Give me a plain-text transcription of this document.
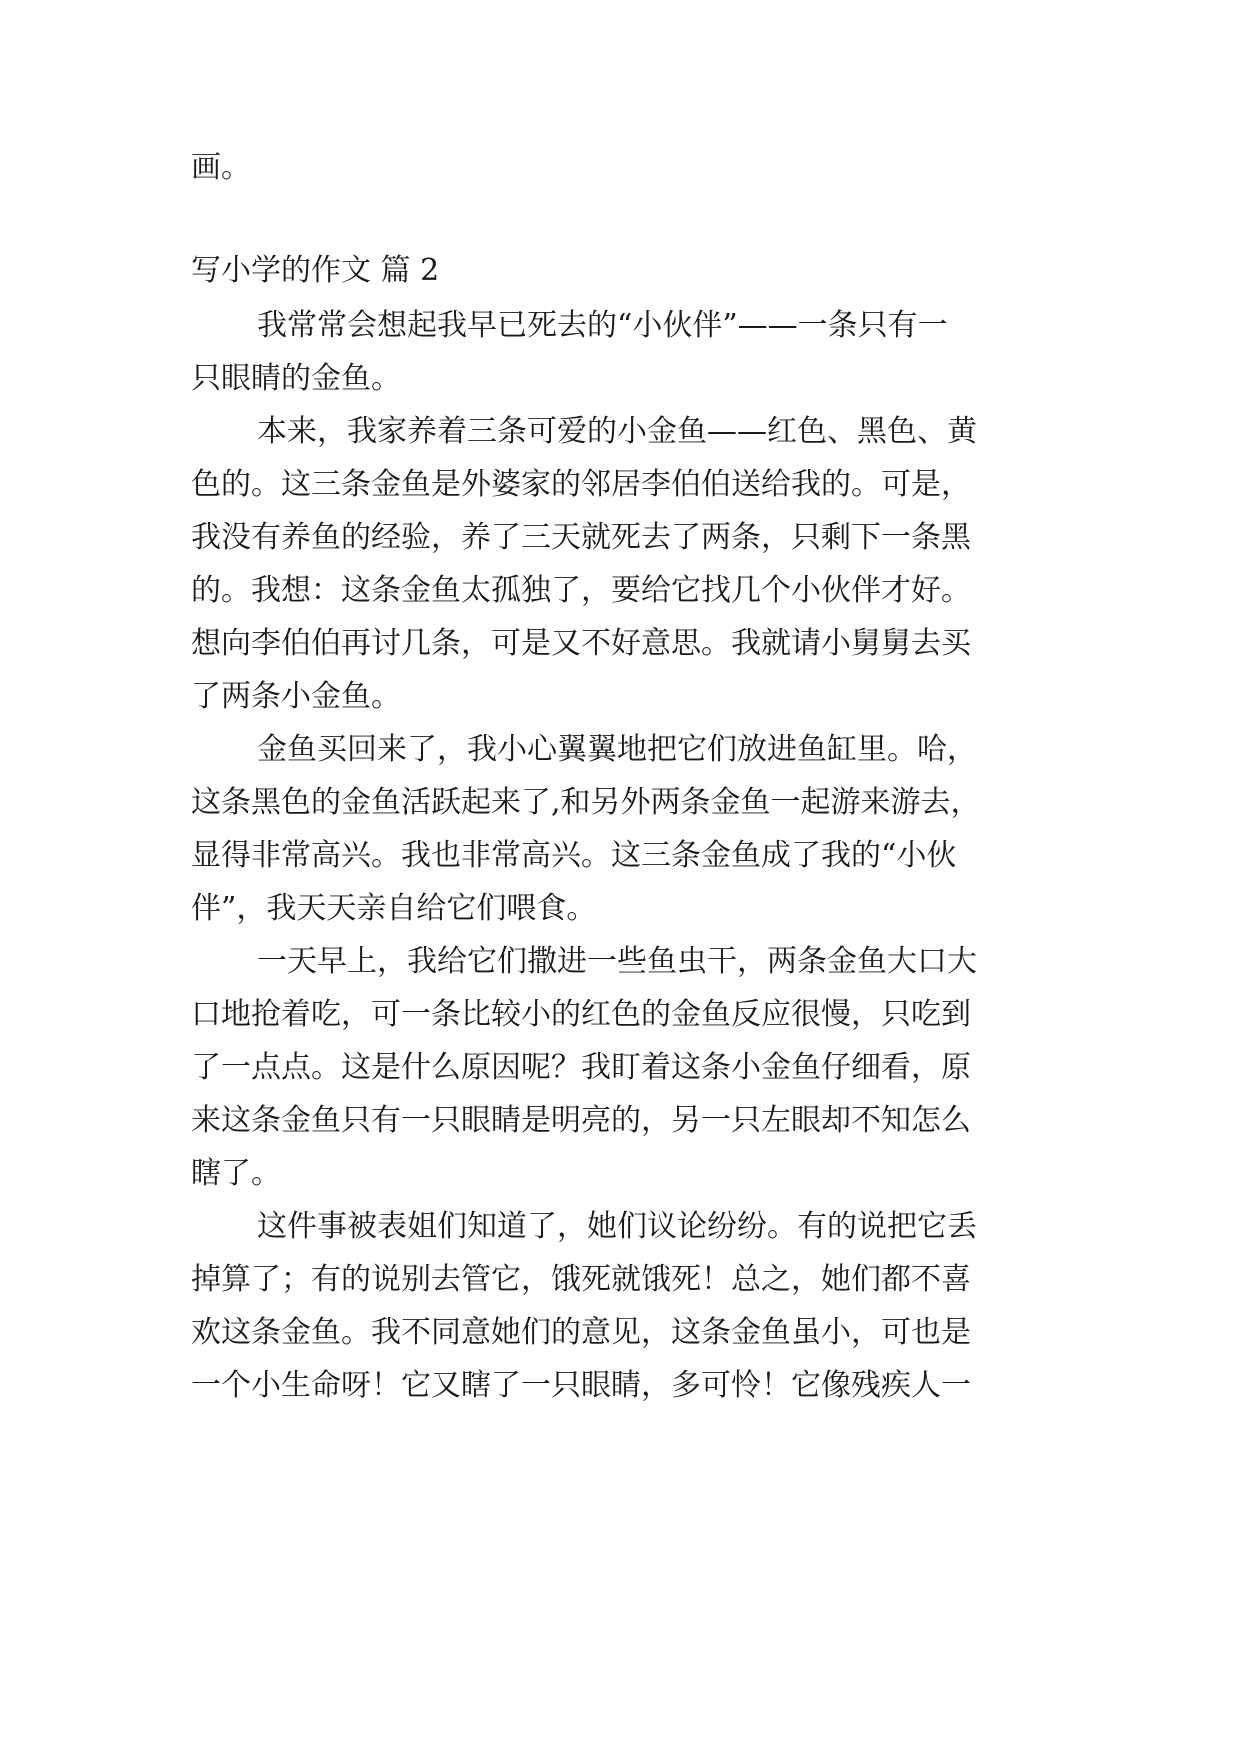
画。
写小学的作文 篇 2
我常常会想起我早已死去的“小伙伴”——一条只有一
只眼睛的金鱼。
本来，我家养着三条可爱的小金鱼——红色、黑色、黄
色的。这三条金鱼是外婆家的邻居李伯伯送给我的。可是，
我没有养鱼的经验，养了三天就死去了两条，只剩下一条黑
的。我想：这条金鱼太孤独了，要给它找几个小伙伴才好。
想向李伯伯再讨几条，可是又不好意思。我就请小舅舅去买
了两条小金鱼。
金鱼买回来了，我小心翼翼地把它们放进鱼缸里。哈，
这条黑色的金鱼活跃起来了,和另外两条金鱼一起游来游去，
显得非常高兴。我也非常高兴。这三条金鱼成了我的“小伙
伴”，我天天亲自给它们喂食。
一天早上，我给它们撒进一些鱼虫干，两条金鱼大口大
口地抢着吃，可一条比较小的红色的金鱼反应很慢，只吃到
了一点点。这是什么原因呢？我盯着这条小金鱼仔细看，原
来这条金鱼只有一只眼睛是明亮的，另一只左眼却不知怎么
瞎了。
这件事被表姐们知道了，她们议论纷纷。有的说把它丢
掉算了；有的说别去管它，饿死就饿死！总之，她们都不喜
欢这条金鱼。我不同意她们的意见，这条金鱼虽小，可也是
一个小生命呀！它又瞎了一只眼睛，多可怜！它像残疾人一
